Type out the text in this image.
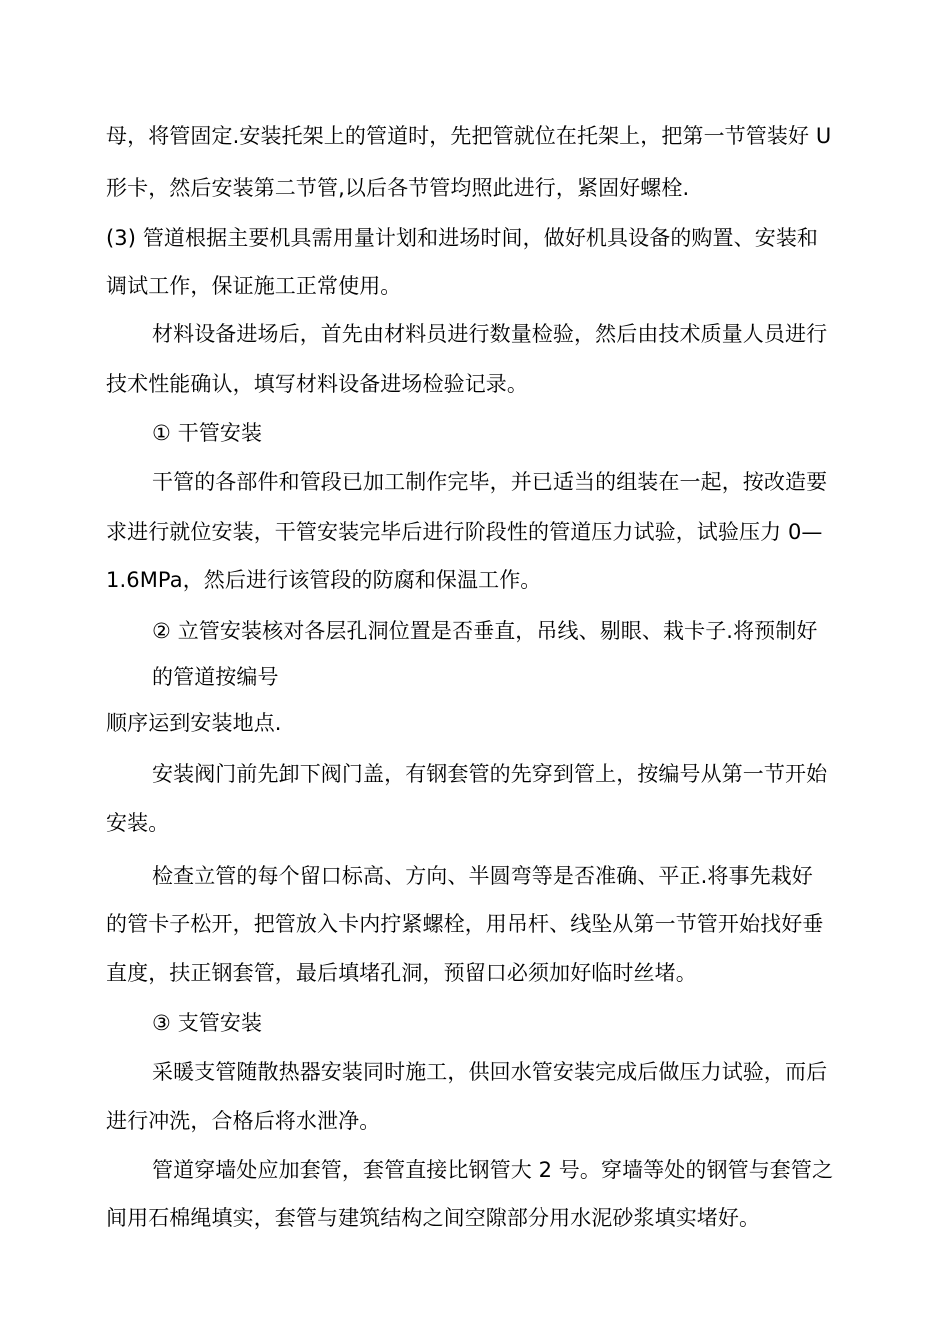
母，将管固定.安装托架上的管道时，先把管就位在托架上，把第一节管装好 U
形卡，然后安装第二节管,以后各节管均照此进行，紧固好螺栓.
(3) 管道根据主要机具需用量计划和进场时间，做好机具设备的购置、安装和
调试工作，保证施工正常使用。
材料设备进场后，首先由材料员进行数量检验，然后由技术质量人员进行
技术性能确认，填写材料设备进场检验记录。
① 干管安装
干管的各部件和管段已加工制作完毕，并已适当的组装在一起，按改造要
求进行就位安装，干管安装完毕后进行阶段性的管道压力试验，试验压力 0—
1.6MPa，然后进行该管段的防腐和保温工作。
② 立管安装核对各层孔洞位置是否垂直，吊线、剔眼、栽卡子.将预制好
的管道按编号
顺序运到安装地点.
安装阀门前先卸下阀门盖，有钢套管的先穿到管上，按编号从第一节开始
安装。
检查立管的每个留口标高、方向、半圆弯等是否准确、平正.将事先栽好
的管卡子松开，把管放入卡内拧紧螺栓，用吊杆、线坠从第一节管开始找好垂
直度，扶正钢套管，最后填堵孔洞，预留口必须加好临时丝堵。
③ 支管安装
采暖支管随散热器安装同时施工，供回水管安装完成后做压力试验，而后
进行冲洗，合格后将水泄净。
管道穿墙处应加套管，套管直接比钢管大 2 号。穿墙等处的钢管与套管之
间用石棉绳填实，套管与建筑结构之间空隙部分用水泥砂浆填实堵好。
